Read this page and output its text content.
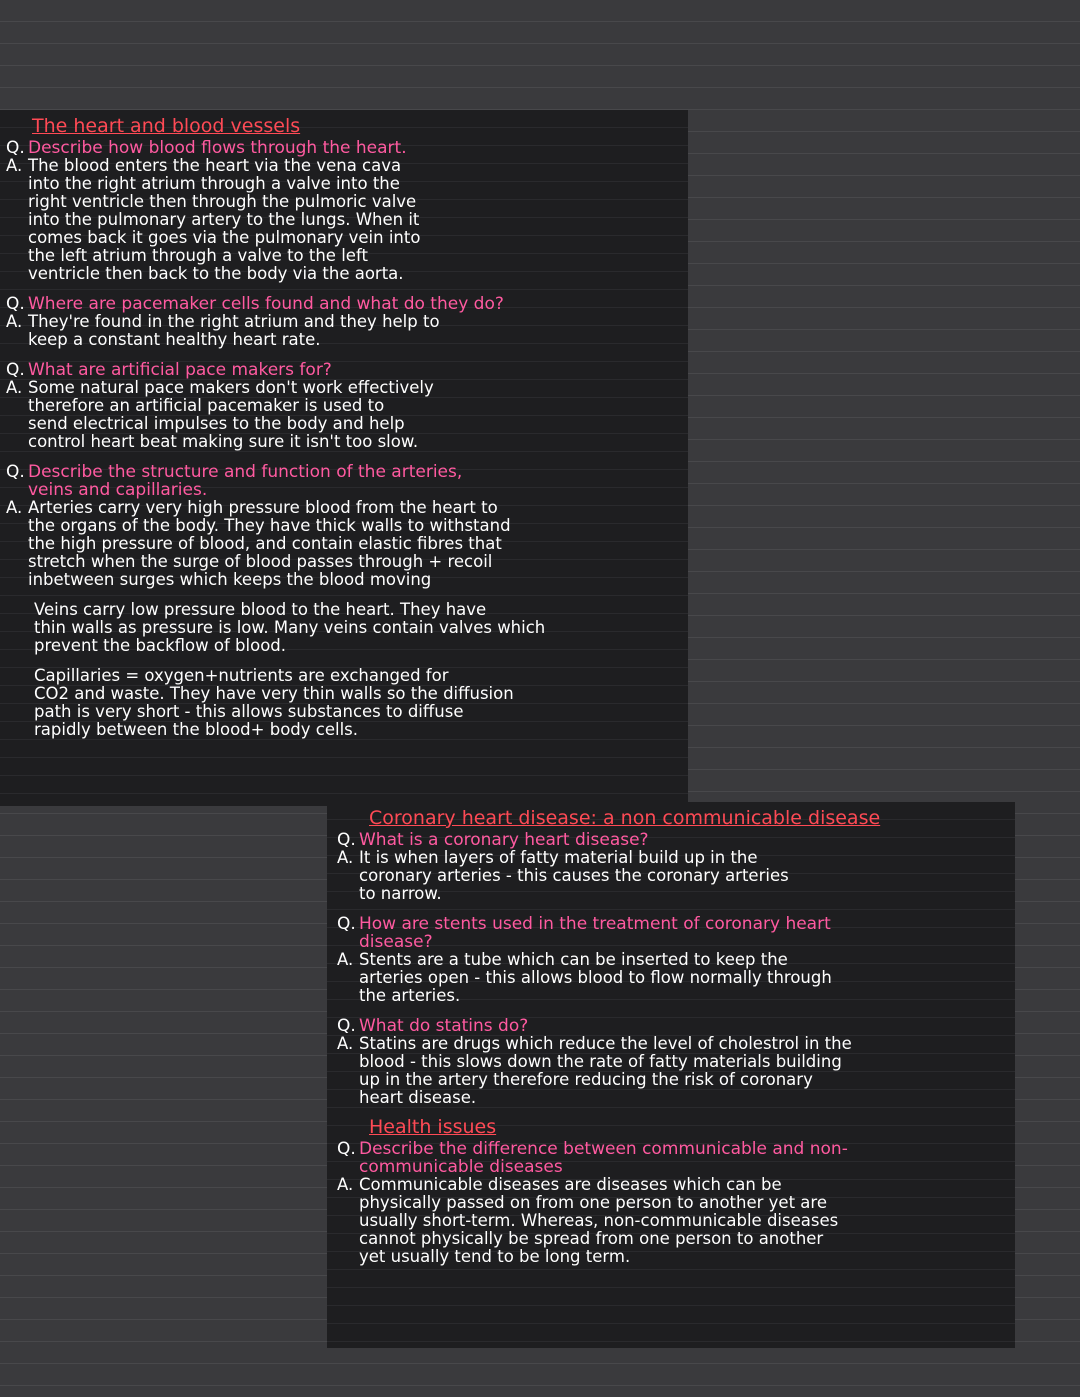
The heart and blood vessels
Q. Describe how blood flows through the heart.
A. The blood enters the heart via the vena cava
into the right atrium through a valve into the
right ventricle then through the pulmoric valve
into the pulmonary artery to the lungs. When it
comes back it goes via the pulmonary vein into
the left atrium through a valve to the left
ventricle then back to the body via the aorta.
Q. Where are pacemaker cells found and what do they do?
A. They're found in the right atrium and they help to
keep a constant healthy heart rate.
Q. What are artificial pace makers for?
A. Some natural pace makers don't work effectively
therefore an artificial pacemaker is used to
send electrical impulses to the body and help
control heart beat making sure it isn't too slow.
Q. Describe the structure and function of the arteries,
veins and capillaries.
A. Arteries carry very high pressure blood from the heart to
the organs of the body. They have thick walls to withstand
the high pressure of blood, and contain elastic fibres that
stretch when the surge of blood passes through + recoil
inbetween surges which keeps the blood moving
Veins carry low pressure blood to the heart. They have
thin walls as pressure is low. Many veins contain valves which
prevent the backflow of blood.
Capillaries = oxygen+nutrients are exchanged for
CO2 and waste. They have very thin walls so the diffusion
path is very short - this allows substances to diffuse
rapidly between the blood+ body cells.
Coronary heart disease: a non communicable disease
Q. What is a coronary heart disease?
A. It is when layers of fatty material build up in the
coronary arteries - this causes the coronary arteries
to narrow.
Q. How are stents used in the treatment of coronary heart
disease?
A. Stents are a tube which can be inserted to keep the
arteries open - this allows blood to flow normally through
the arteries.
Q. What do statins do?
A. Statins are drugs which reduce the level of cholestrol in the
blood - this slows down the rate of fatty materials building
up in the artery therefore reducing the risk of coronary
heart disease.
Health issues
Q. Describe the difference between communicable and non-
communicable diseases
A. Communicable diseases are diseases which can be
physically passed on from one person to another yet are
usually short-term. Whereas, non-communicable diseases
cannot physically be spread from one person to another
yet usually tend to be long term.
